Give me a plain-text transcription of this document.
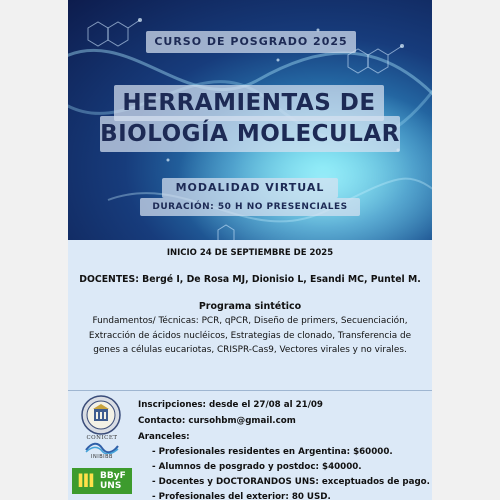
CURSO DE POSGRADO 2025
HERRAMIENTAS DE
BIOLOGÍA MOLECULAR
MODALIDAD VIRTUAL
DURACIÓN: 50 H NO PRESENCIALES
INICIO 24 DE SEPTIEMBRE DE 2025
DOCENTES: Bergé I, De Rosa MJ, Dionisio L, Esandi MC, Puntel M.
Programa sintético
Fundamentos/ Técnicas: PCR, qPCR, Diseño de primers, Secuenciación, Extracción de ácidos nucléicos, Estrategias de clonado, Transferencia de genes a células eucariotas, CRISPR-Cas9, Vectores virales y no virales.
CONICET
INIBIBB
Ⅲ BByF
UNS
Inscripciones: desde el 27/08 al 21/09
Contacto: cursohbm@gmail.com
Aranceles:
- Profesionales residentes en Argentina: $60000.
- Alumnos de posgrado y postdoc: $40000.
- Docentes y DOCTORANDOS UNS: exceptuados de pago.
- Profesionales del exterior: 80 USD.
